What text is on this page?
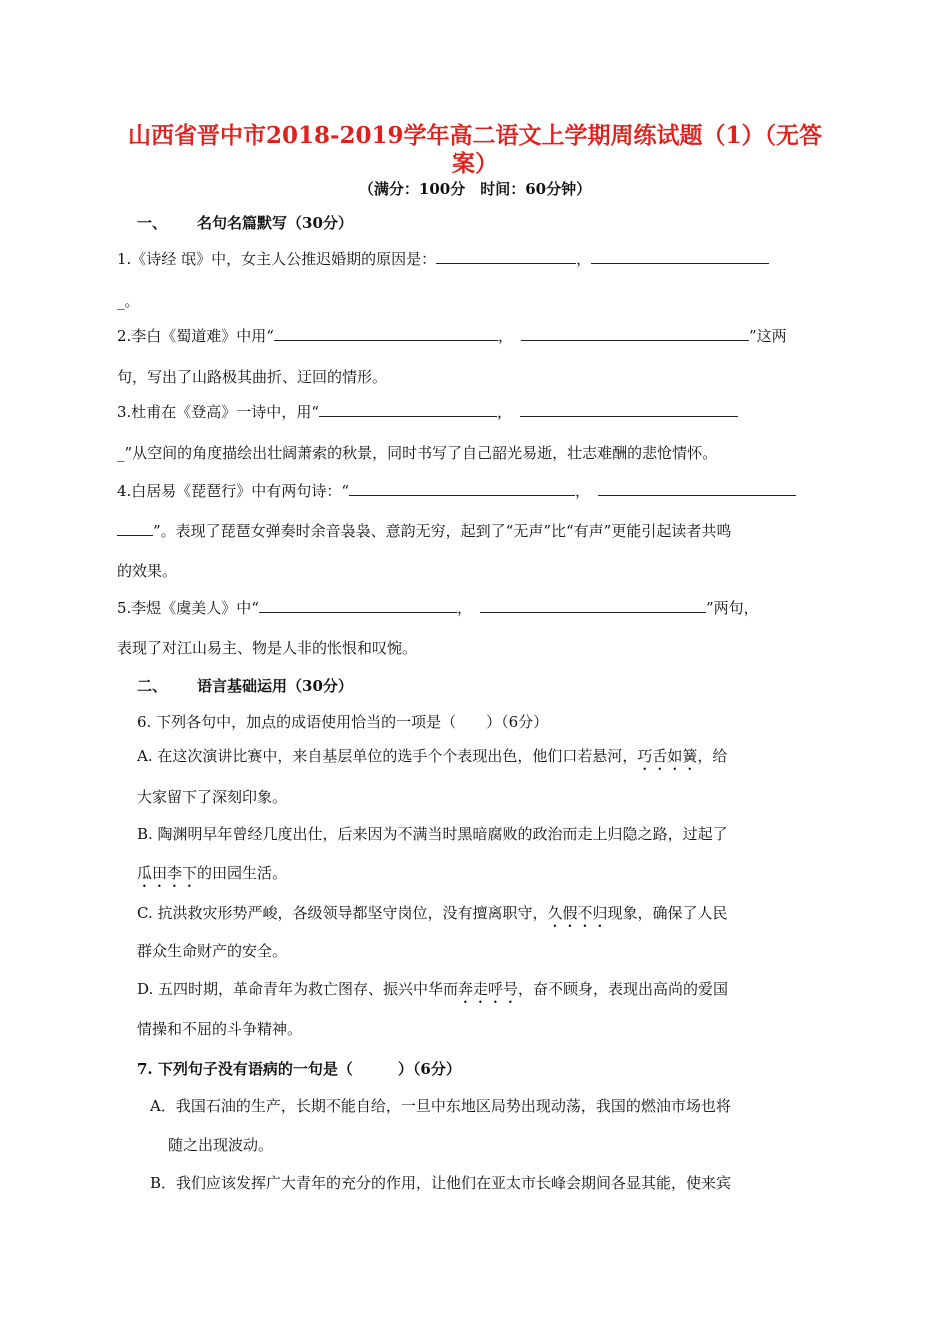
山西省晋中市2018-2019学年高二语文上学期周练试题（1）（无答
案）
（满分：100分　时间：60分钟）
一、 名句名篇默写（30分）
1.《诗经 氓》中，女主人公推迟婚期的原因是：	，
_。
2.李白《蜀道难》中用“	，	”这两
句，写出了山路极其曲折、迂回的情形。
3.杜甫在《登高》一诗中，用“	，
_”从空间的角度描绘出壮阔萧索的秋景，同时书写了自己韶光易逝，壮志难酬的悲怆情怀。
4.白居易《琵琶行》中有两句诗：“	，
”。表现了琵琶女弹奏时余音袅袅、意韵无穷，起到了“无声”比“有声”更能引起读者共鸣
的效果。
5.李煜《虞美人》中“	，	”两句，
表现了对江山易主、物是人非的怅恨和叹惋。
二、 语言基础运用（30分）
6. 下列各句中，加点的成语使用恰当的一项是（　　）（6分）
A. 在这次演讲比赛中，来自基层单位的选手个个表现出色，他们口若悬河，巧舌如簧，给
大家留下了深刻印象。
B. 陶渊明早年曾经几度出仕，后来因为不满当时黑暗腐败的政治而走上归隐之路，过起了
瓜田李下的田园生活。
C. 抗洪救灾形势严峻，各级领导都坚守岗位，没有擅离职守，久假不归现象，确保了人民
群众生命财产的安全。
D. 五四时期，革命青年为救亡图存、振兴中华而奔走呼号，奋不顾身，表现出高尚的爱国
情操和不屈的斗争精神。
7. 下列句子没有语病的一句是（　　　）（6分）
A．我国石油的生产，长期不能自给，一旦中东地区局势出现动荡，我国的燃油市场也将
随之出现波动。
B．我们应该发挥广大青年的充分的作用，让他们在亚太市长峰会期间各显其能，使来宾
